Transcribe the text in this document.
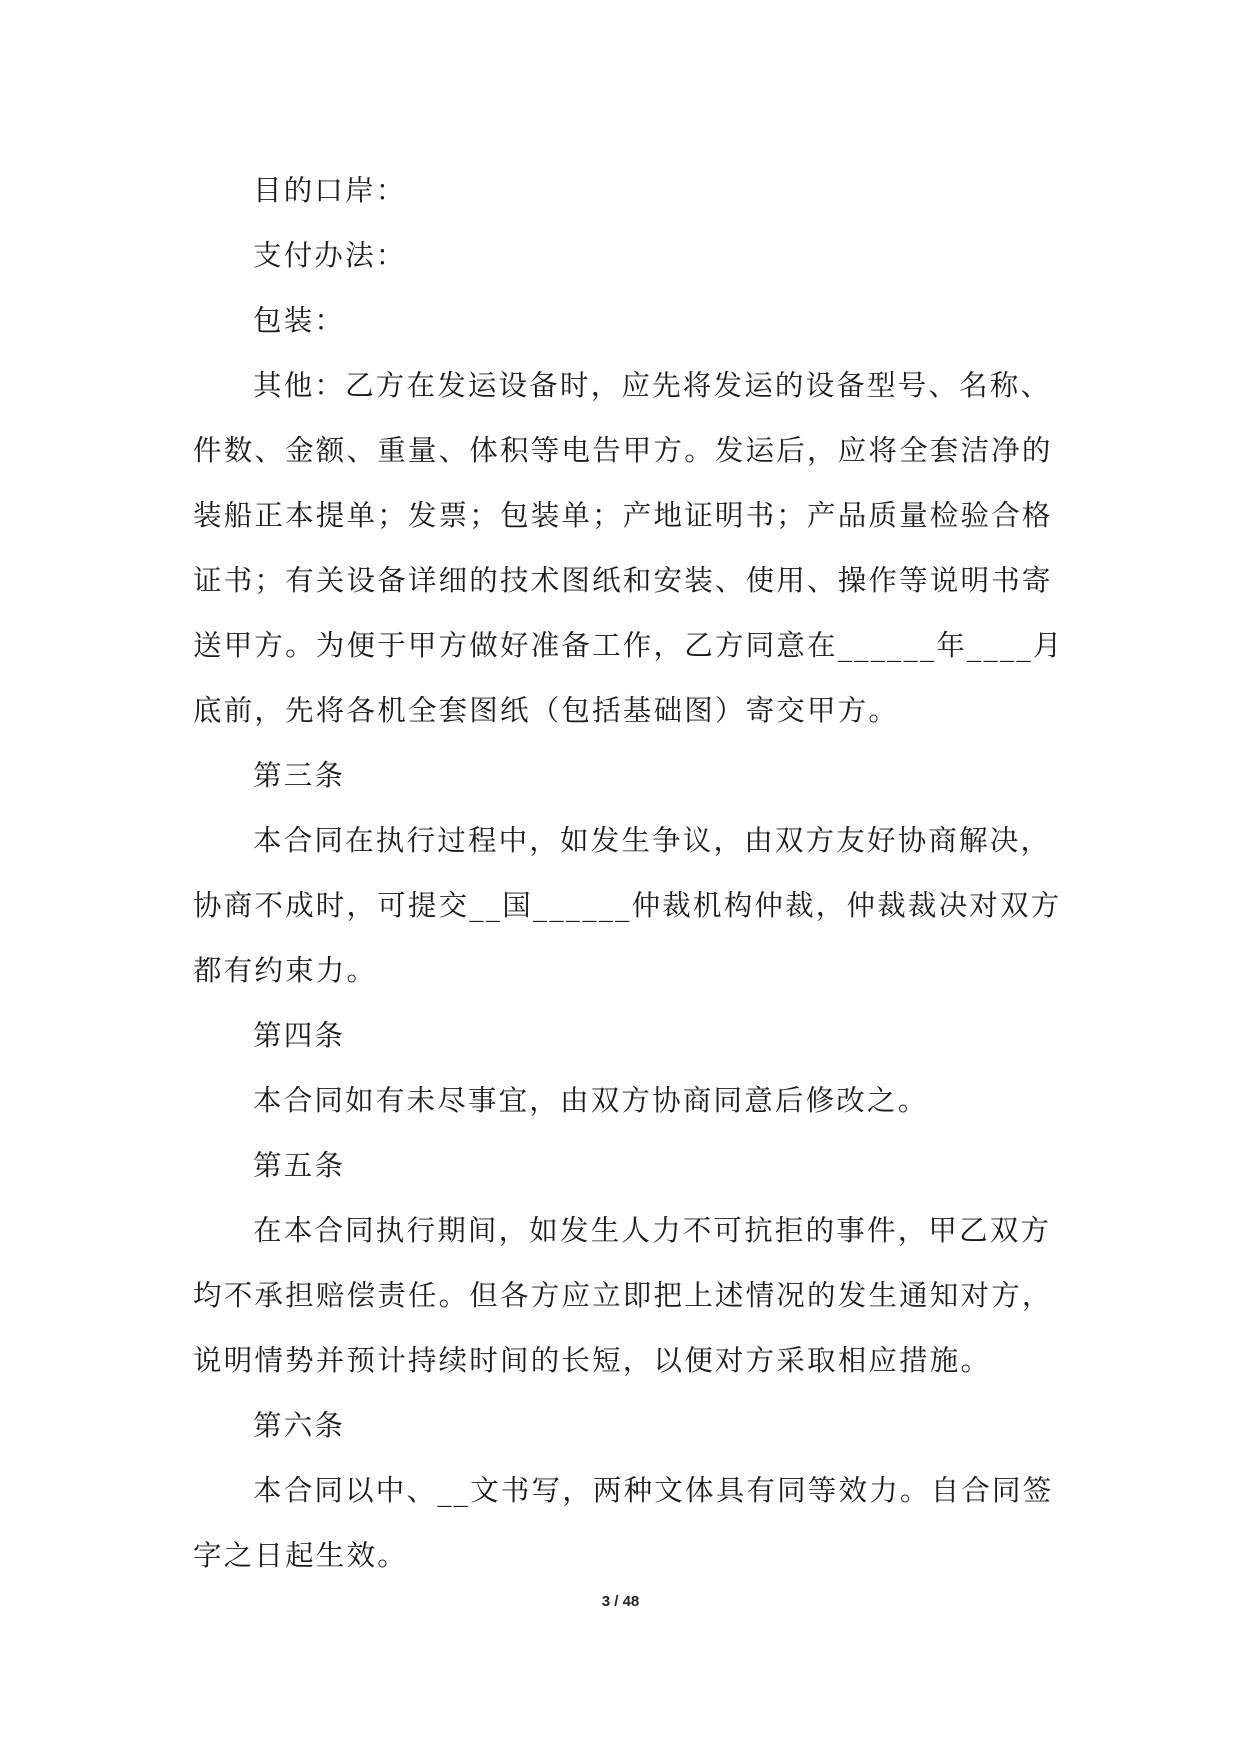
目的口岸：
支付办法：
包装：
其他：乙方在发运设备时，应先将发运的设备型号、名称、
件数、金额、重量、体积等电告甲方。发运后，应将全套洁净的
装船正本提单；发票；包装单；产地证明书；产品质量检验合格
证书；有关设备详细的技术图纸和安装、使用、操作等说明书寄
送甲方。为便于甲方做好准备工作，乙方同意在______年____月
底前，先将各机全套图纸（包括基础图）寄交甲方。
第三条
本合同在执行过程中，如发生争议，由双方友好协商解决，
协商不成时，可提交__国______仲裁机构仲裁，仲裁裁决对双方
都有约束力。
第四条
本合同如有未尽事宜，由双方协商同意后修改之。
第五条
在本合同执行期间，如发生人力不可抗拒的事件，甲乙双方
均不承担赔偿责任。但各方应立即把上述情况的发生通知对方，
说明情势并预计持续时间的长短，以便对方采取相应措施。
第六条
本合同以中、__文书写，两种文体具有同等效力。自合同签
字之日起生效。
3 / 48
